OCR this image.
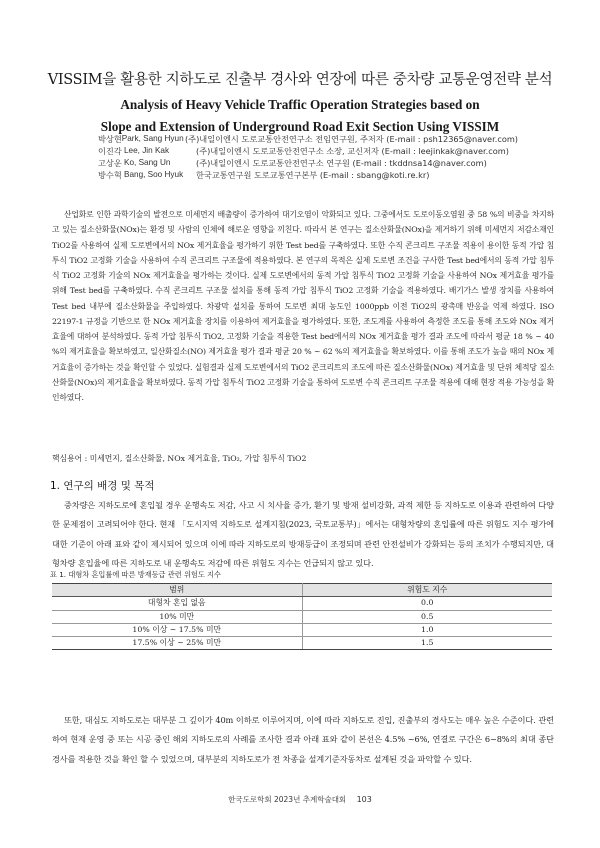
VISSIM을 활용한 지하도로 진출부 경사와 연장에 따른 중차량 교통운영전략 분석
Analysis of Heavy Vehicle Traffic Operation Strategies based on
Slope and Extension of Underground Road Exit Section Using VISSIM
박상현 Park, Sang Hyun (주)내일이엔시 도로교통안전연구소 전임연구원, 주저자 (E-mail : psh12365@naver.com)
이진각 Lee, Jin Kak	(주)내일이엔시 도로교통안전연구소 소장, 교신저자 (E-mail : leejinkak@naver.com)
고상운 Ko, Sang Un	(주)내일이엔시 도로교통안전연구소 연구원 (E-mail : tkddnsa14@naver.com)
방수혁 Bang, Soo Hyuk	한국교통연구원 도로교통연구본부 (E-mail : sbang@koti.re.kr)

산업화로 인한 과학기술의 발전으로 미세먼지 배출량이 증가하여 대기오염이 악화되고 있다. 그중에서도 도로이동오염원 중 58 %의 비중을 차지하고 있는 질소산화물(NOx)는 환경 및 사람의 인체에 해로운 영향을 끼친다. 따라서 본 연구는 질소산화물(NOx)을 제거하기 위해 미세먼지 저감소재인 TiO2를 사용하여 실제 도로변에서의 NOx 제거효율을 평가하기 위한 Test bed를 구축하였다. 또한 수직 콘크리트 구조물 적용이 용이한 동적 가압 침투식 TiO2 고정화 기술을 사용하여 수직 콘크리트 구조물에 적용하였다. 본 연구의 목적은 실제 도로변 조건을 구사한 Test bed에서의 동적 가압 침투식 TiO2 고정화 기술의 NOx 제거효율을 평가하는 것이다. 실제 도로변에서의 동적 가압 침투식 TiO2 고정화 기술을 사용하여 NOx 제거효율 평가를 위해 Test bed를 구축하였다. 수직 콘크리트 구조물 설치를 통해 동적 가압 침투식 TiO2 고정화 기술을 적용하였다. 배기가스 발생 장치를 사용하여 Test bed 내부에 질소산화물을 주입하였다. 차광막 설치를 통하여 도로변 최대 농도인 1000ppb 이전 TiO2의 광촉매 반응을 억제 하였다. ISO 22197-1 규정을 기반으로 한 NOx 제거효율 장치를 이용하여 제거효율을 평가하였다. 또한, 조도계를 사용하여 측정한 조도를 통해 조도와 NOx 제거효율에 대하여 분석하였다. 동적 가압 침투식 TiO2, 고정화 기술을 적용한 Test bed에서의 NOx 제거효율 평가 결과 조도에 따라서 평균 18 % ~ 40 %의 제거효율을 확보하였고, 일산화질소(NO) 제거효율 평가 결과 평균 20 % ~ 62 %의 제거효율을 확보하였다. 이를 통해 조도가 높을 때의 NOx 제거효율이 증가하는 것을 확인할 수 있었다. 실험결과 실제 도로변에서의 TiO2 콘크리트의 조도에 따른 질소산화물(NOx) 제거효율 및 단위 체적당 질소산화물(NOx)의 제거효율을 확보하였다. 동적 가압 침투식 TiO2 고정화 기술을 통하여 도로변 수직 콘크리트 구조물 적용에 대해 현장 적용 가능성을 확인하였다.

핵심용어 : 미세먼지, 질소산화물, NOx 제거효율, TiO₂, 가압 침투식 TiO2
1. 연구의 배경 및 목적

중차량은 지하도로에 혼입될 경우 운행속도 저감, 사고 시 치사율 증가, 환기 및 방재 설비강화, 과적 제한 등 지하도로 이용과 관련하여 다양한 문제점이 고려되어야 한다. 현재 「도시지역 지하도로 설계지침(2023, 국토교통부)」에서는 대형차량의 혼입률에 따른 위험도 지수 평가에 대한 기준이 아래 표와 같이 제시되어 있으며 이에 따라 지하도로의 방재등급이 조정되며 관련 안전설비가 강화되는 등의 조치가 수행되지만, 대형차량 혼입율에 따른 지하도로 내 운행속도 저감에 따른 위험도 지수는 언급되지 않고 있다.

표 1. 대형차 혼입률에 따른 방재등급 관련 위험도 지수
범위	위험도 지수
대형차 혼입 없음	0.0
10% 미만	0.5
10% 이상 ~ 17.5% 미만	1.0
17.5% 이상 ~ 25% 미만	1.5

또한, 대심도 지하도로는 대부분 그 깊이가 40m 이하로 이루어지며, 이에 따라 지하도로 진입, 진출부의 경사도는 매우 높은 수준이다. 관련하여 현재 운영 중 또는 시공 중인 해외 지하도로의 사례를 조사한 결과 아래 표와 같이 본선은 4.5% ~6%, 연결로 구간은 6~8%의 최대 종단경사를 적용한 것을 확인 할 수 있었으며, 대부분의 지하도로가 전 차종을 설계기준자동차로 설계된 것을 파악할 수 있다.

한국도로학회 2023년 추계학술대회 103
